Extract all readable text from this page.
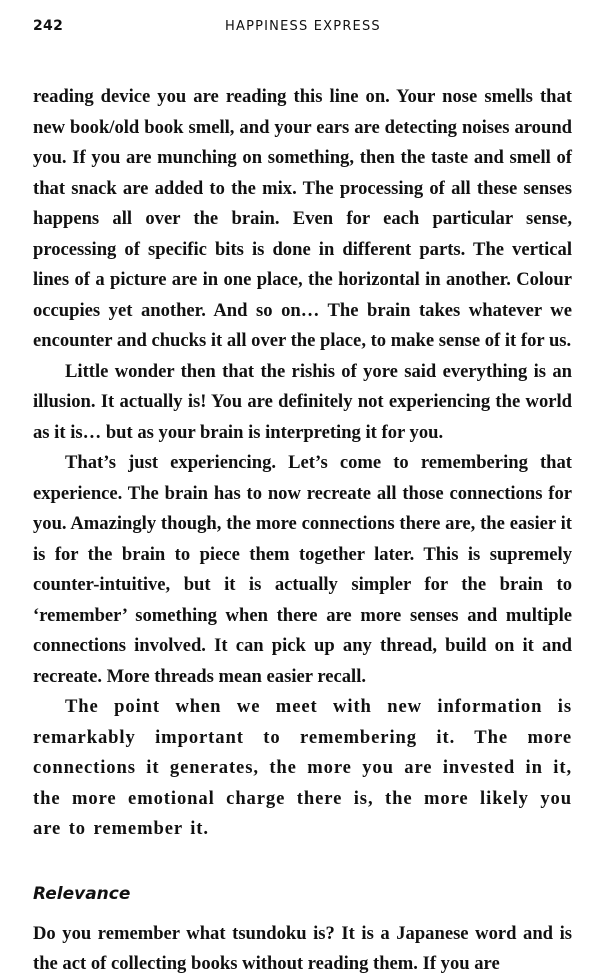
242	HAPPINESS EXPRESS

reading device you are reading this line on. Your nose smells that new book/old book smell, and your ears are detecting noises around you. If you are munching on something, then the taste and smell of that snack are added to the mix. The processing of all these senses happens all over the brain. Even for each particular sense, processing of specific bits is done in different parts. The vertical lines of a picture are in one place, the horizontal in another. Colour occupies yet another. And so on… The brain takes whatever we encounter and chucks it all over the place, to make sense of it for us.

Little wonder then that the rishis of yore said everything is an illusion. It actually is! You are definitely not experiencing the world as it is… but as your brain is interpreting it for you.

That’s just experiencing. Let’s come to remembering that experience. The brain has to now recreate all those connections for you. Amazingly though, the more connections there are, the easier it is for the brain to piece them together later. This is supremely counter-intuitive, but it is actually simpler for the brain to ‘remember’ something when there are more senses and multiple connections involved. It can pick up any thread, build on it and recreate. More threads mean easier recall.

The point when we meet with new information is remarkably important to remembering it. The more connections it generates, the more you are invested in it, the more emotional charge there is, the more likely you are to remember it.

Relevance

Do you remember what tsundoku is? It is a Japanese word and is the act of collecting books without reading them. If you are
